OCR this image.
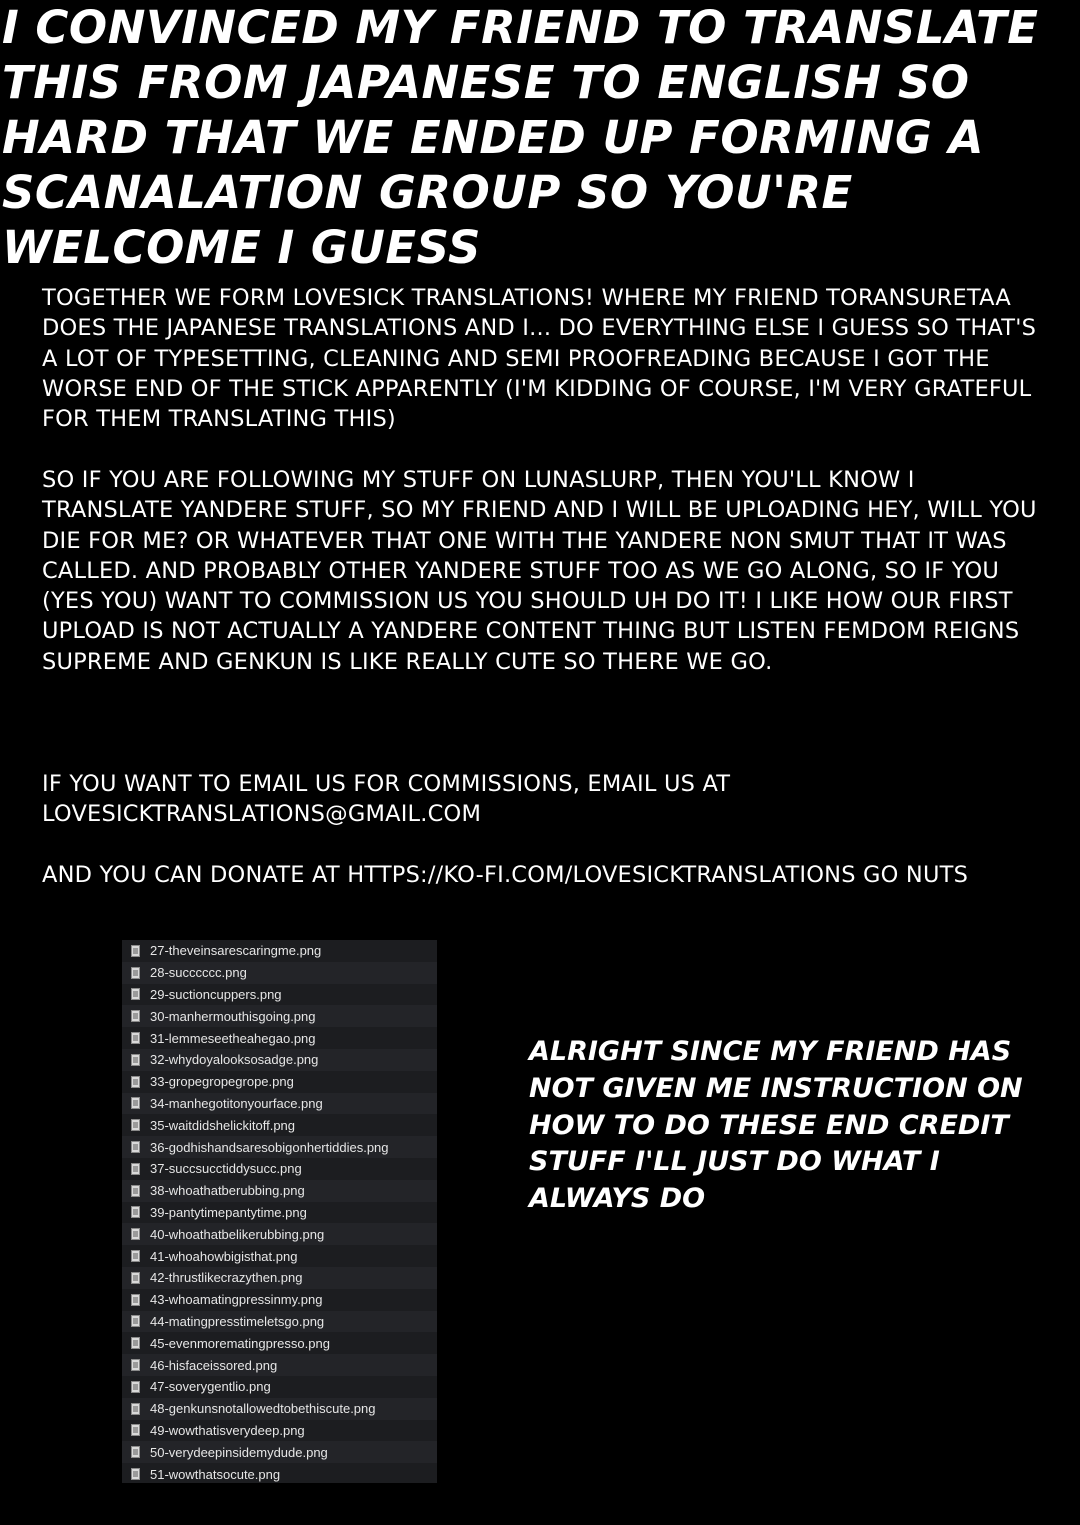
I CONVINCED MY FRIEND TO TRANSLATE THIS FROM JAPANESE TO ENGLISH SO HARD THAT WE ENDED UP FORMING A SCANALATION GROUP SO YOU'RE WELCOME I GUESS

TOGETHER WE FORM LOVESICK TRANSLATIONS! WHERE MY FRIEND TORANSURETAA DOES THE JAPANESE TRANSLATIONS AND I... DO EVERYTHING ELSE I GUESS SO THAT'S A LOT OF TYPESETTING, CLEANING AND SEMI PROOFREADING BECAUSE I GOT THE WORSE END OF THE STICK APPARENTLY (I'M KIDDING OF COURSE, I'M VERY GRATEFUL FOR THEM TRANSLATING THIS)

SO IF YOU ARE FOLLOWING MY STUFF ON LUNASLURP, THEN YOU'LL KNOW I TRANSLATE YANDERE STUFF, SO MY FRIEND AND I WILL BE UPLOADING HEY, WILL YOU DIE FOR ME? OR WHATEVER THAT ONE WITH THE YANDERE NON SMUT THAT IT WAS CALLED. AND PROBABLY OTHER YANDERE STUFF TOO AS WE GO ALONG, SO IF YOU (YES YOU) WANT TO COMMISSION US YOU SHOULD UH DO IT! I LIKE HOW OUR FIRST UPLOAD IS NOT ACTUALLY A YANDERE CONTENT THING BUT LISTEN FEMDOM REIGNS SUPREME AND GENKUN IS LIKE REALLY CUTE SO THERE WE GO.

IF YOU WANT TO EMAIL US FOR COMMISSIONS, EMAIL US AT LOVESICKTRANSLATIONS@GMAIL.COM

AND YOU CAN DONATE AT HTTPS://KO-FI.COM/LOVESICKTRANSLATIONS GO NUTS

27-theveinsarescaringme.png
28-succcccc.png
29-suctioncuppers.png
30-manhermouthisgoing.png
31-lemmeseetheahegao.png
32-whydoyalooksosadge.png
33-gropegropegrope.png
34-manhegotitonyourface.png
35-waitdidshelickitoff.png
36-godhishandsaresobigonhertiddies.png
37-succsucctiddysucc.png
38-whoathatberubbing.png
39-pantytimepantytime.png
40-whoathatbelikerubbing.png
41-whoahowbigisthat.png
42-thrustlikecrazythen.png
43-whoamatingpressinmy.png
44-matingpresstimeletsgo.png
45-evenmorematingpresso.png
46-hisfaceissored.png
47-soverygentlio.png
48-genkunsnotallowedtobethiscute.png
49-wowthatisverydeep.png
50-verydeepinsidemydude.png
51-wowthatsocute.png

ALRIGHT SINCE MY FRIEND HAS NOT GIVEN ME INSTRUCTION ON HOW TO DO THESE END CREDIT STUFF I'LL JUST DO WHAT I ALWAYS DO
